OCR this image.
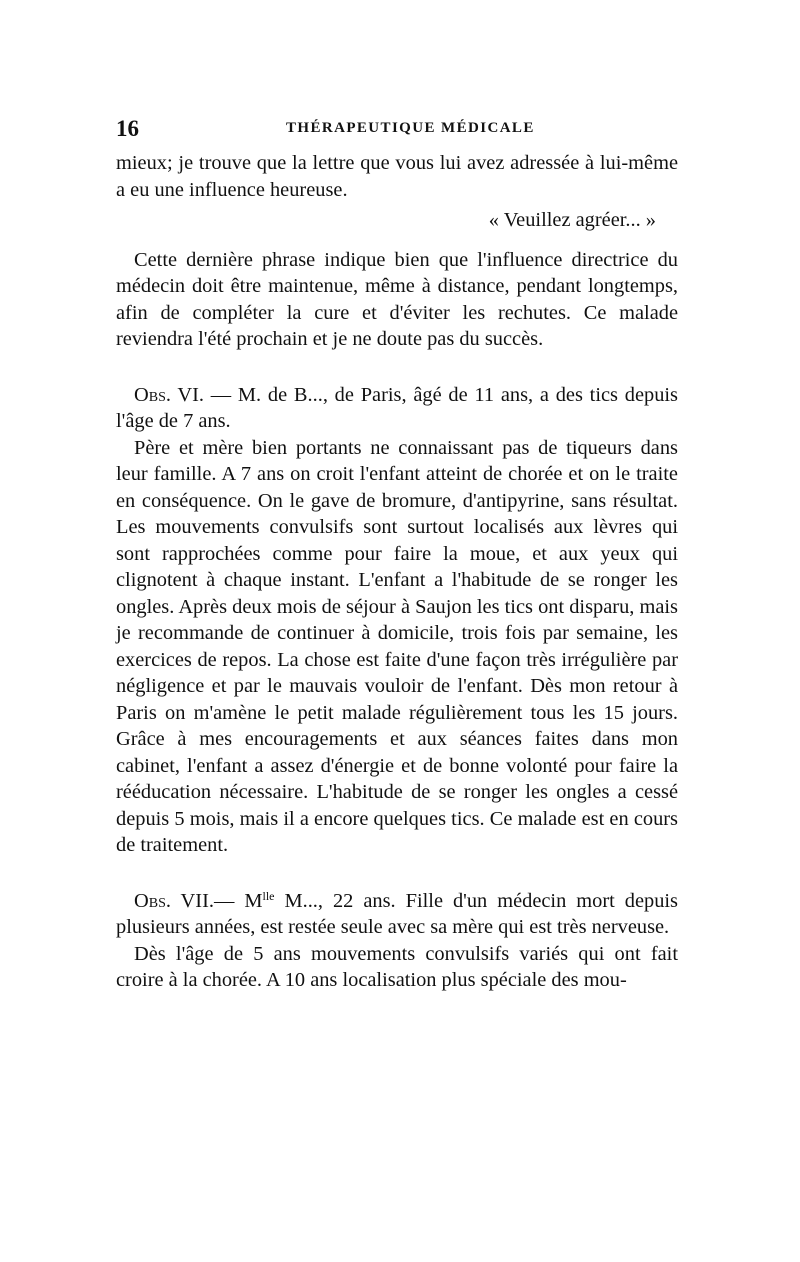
16	THÉRAPEUTIQUE MÉDICALE

mieux; je trouve que la lettre que vous lui avez adressée à lui-même a eu une influence heureuse.

« Veuillez agréer... »

Cette dernière phrase indique bien que l'influence directrice du médecin doit être maintenue, même à distance, pendant longtemps, afin de compléter la cure et d'éviter les rechutes. Ce malade reviendra l'été prochain et je ne doute pas du succès.

Obs. VI. — M. de B..., de Paris, âgé de 11 ans, a des tics depuis l'âge de 7 ans.

Père et mère bien portants ne connaissant pas de tiqueurs dans leur famille. A 7 ans on croit l'enfant atteint de chorée et on le traite en conséquence. On le gave de bromure, d'antipyrine, sans résultat. Les mouvements convulsifs sont surtout localisés aux lèvres qui sont rapprochées comme pour faire la moue, et aux yeux qui clignotent à chaque instant. L'enfant a l'habitude de se ronger les ongles. Après deux mois de séjour à Saujon les tics ont disparu, mais je recommande de continuer à domicile, trois fois par semaine, les exercices de repos. La chose est faite d'une façon très irrégulière par négligence et par le mauvais vouloir de l'enfant. Dès mon retour à Paris on m'amène le petit malade régulièrement tous les 15 jours. Grâce à mes encouragements et aux séances faites dans mon cabinet, l'enfant a assez d'énergie et de bonne volonté pour faire la rééducation nécessaire. L'habitude de se ronger les ongles a cessé depuis 5 mois, mais il a encore quelques tics. Ce malade est en cours de traitement.

Obs. VII.— $M^{lle}$ M..., 22 ans. Fille d'un médecin mort depuis plusieurs années, est restée seule avec sa mère qui est très nerveuse.

Dès l'âge de 5 ans mouvements convulsifs variés qui ont fait croire à la chorée. A 10 ans localisation plus spéciale des mou-
